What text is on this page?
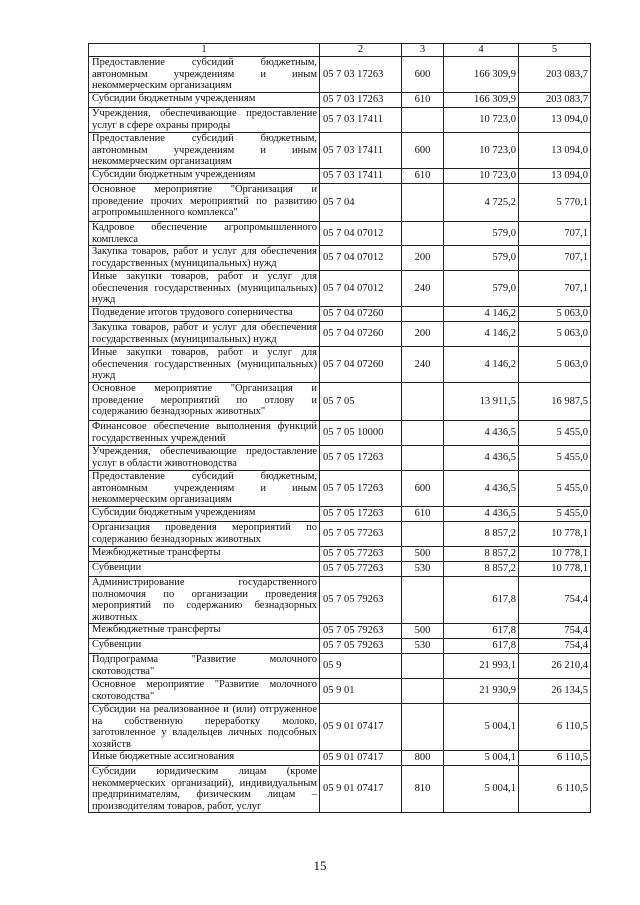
1	2	3	4	5
Предоставление субсидий бюджетным, автономным учреждениям и иным некоммерческим организациям	05 7 03 17263	600	166 309,9	203 083,7
Субсидии бюджетным учреждениям	05 7 03 17263	610	166 309,9	203 083,7
Учреждения, обеспечивающие предоставление услуг в сфере охраны природы	05 7 03 17411		10 723,0	13 094,0
Предоставление субсидий бюджетным, автономным учреждениям и иным некоммерческим организациям	05 7 03 17411	600	10 723,0	13 094,0
Субсидии бюджетным учреждениям	05 7 03 17411	610	10 723,0	13 094,0
Основное мероприятие "Организация и проведение прочих мероприятий по развитию агропромышленного комплекса"	05 7 04		4 725,2	5 770,1
Кадровое обеспечение агропромышленного комплекса	05 7 04 07012		579,0	707,1
Закупка товаров, работ и услуг для обеспечения государственных (муниципальных) нужд	05 7 04 07012	200	579,0	707,1
Иные закупки товаров, работ и услуг для обеспечения государственных (муниципальных) нужд	05 7 04 07012	240	579,0	707,1
Подведение итогов трудового соперничества	05 7 04 07260		4 146,2	5 063,0
Закупка товаров, работ и услуг для обеспечения государственных (муниципальных) нужд	05 7 04 07260	200	4 146,2	5 063,0
Иные закупки товаров, работ и услуг для обеспечения государственных (муниципальных) нужд	05 7 04 07260	240	4 146,2	5 063,0
Основное мероприятие "Организация и проведение мероприятий по отлову и содержанию безнадзорных животных"	05 7 05		13 911,5	16 987,5
Финансовое обеспечение выполнения функций государственных учреждений	05 7 05 10000		4 436,5	5 455,0
Учреждения, обеспечивающие предоставление услуг в области животноводства	05 7 05 17263		4 436,5	5 455,0
Предоставление субсидий бюджетным, автономным учреждениям и иным некоммерческим организациям	05 7 05 17263	600	4 436,5	5 455,0
Субсидии бюджетным учреждениям	05 7 05 17263	610	4 436,5	5 455,0
Организация проведения мероприятий по содержанию безнадзорных животных	05 7 05 77263		8 857,2	10 778,1
Межбюджетные трансферты	05 7 05 77263	500	8 857,2	10 778,1
Субвенции	05 7 05 77263	530	8 857,2	10 778,1
Администрирование государственного полномочия по организации проведения мероприятий по содержанию безнадзорных животных	05 7 05 79263		617,8	754,4
Межбюджетные трансферты	05 7 05 79263	500	617,8	754,4
Субвенции	05 7 05 79263	530	617,8	754,4
Подпрограмма "Развитие молочного скотоводства"	05 9		21 993,1	26 210,4
Основное мероприятие "Развитие молочного скотоводства"	05 9 01		21 930,9	26 134,5
Субсидии на реализованное и (или) отгруженное на собственную переработку молоко, заготовленное у владельцев личных подсобных хозяйств	05 9 01 07417		5 004,1	6 110,5
Иные бюджетные ассигнования	05 9 01 07417	800	5 004,1	6 110,5
Субсидии юридическим лицам (кроме некоммерческих организаций), индивидуальным предпринимателям, физическим лицам – производителям товаров, работ, услуг	05 9 01 07417	810	5 004,1	6 110,5
15
